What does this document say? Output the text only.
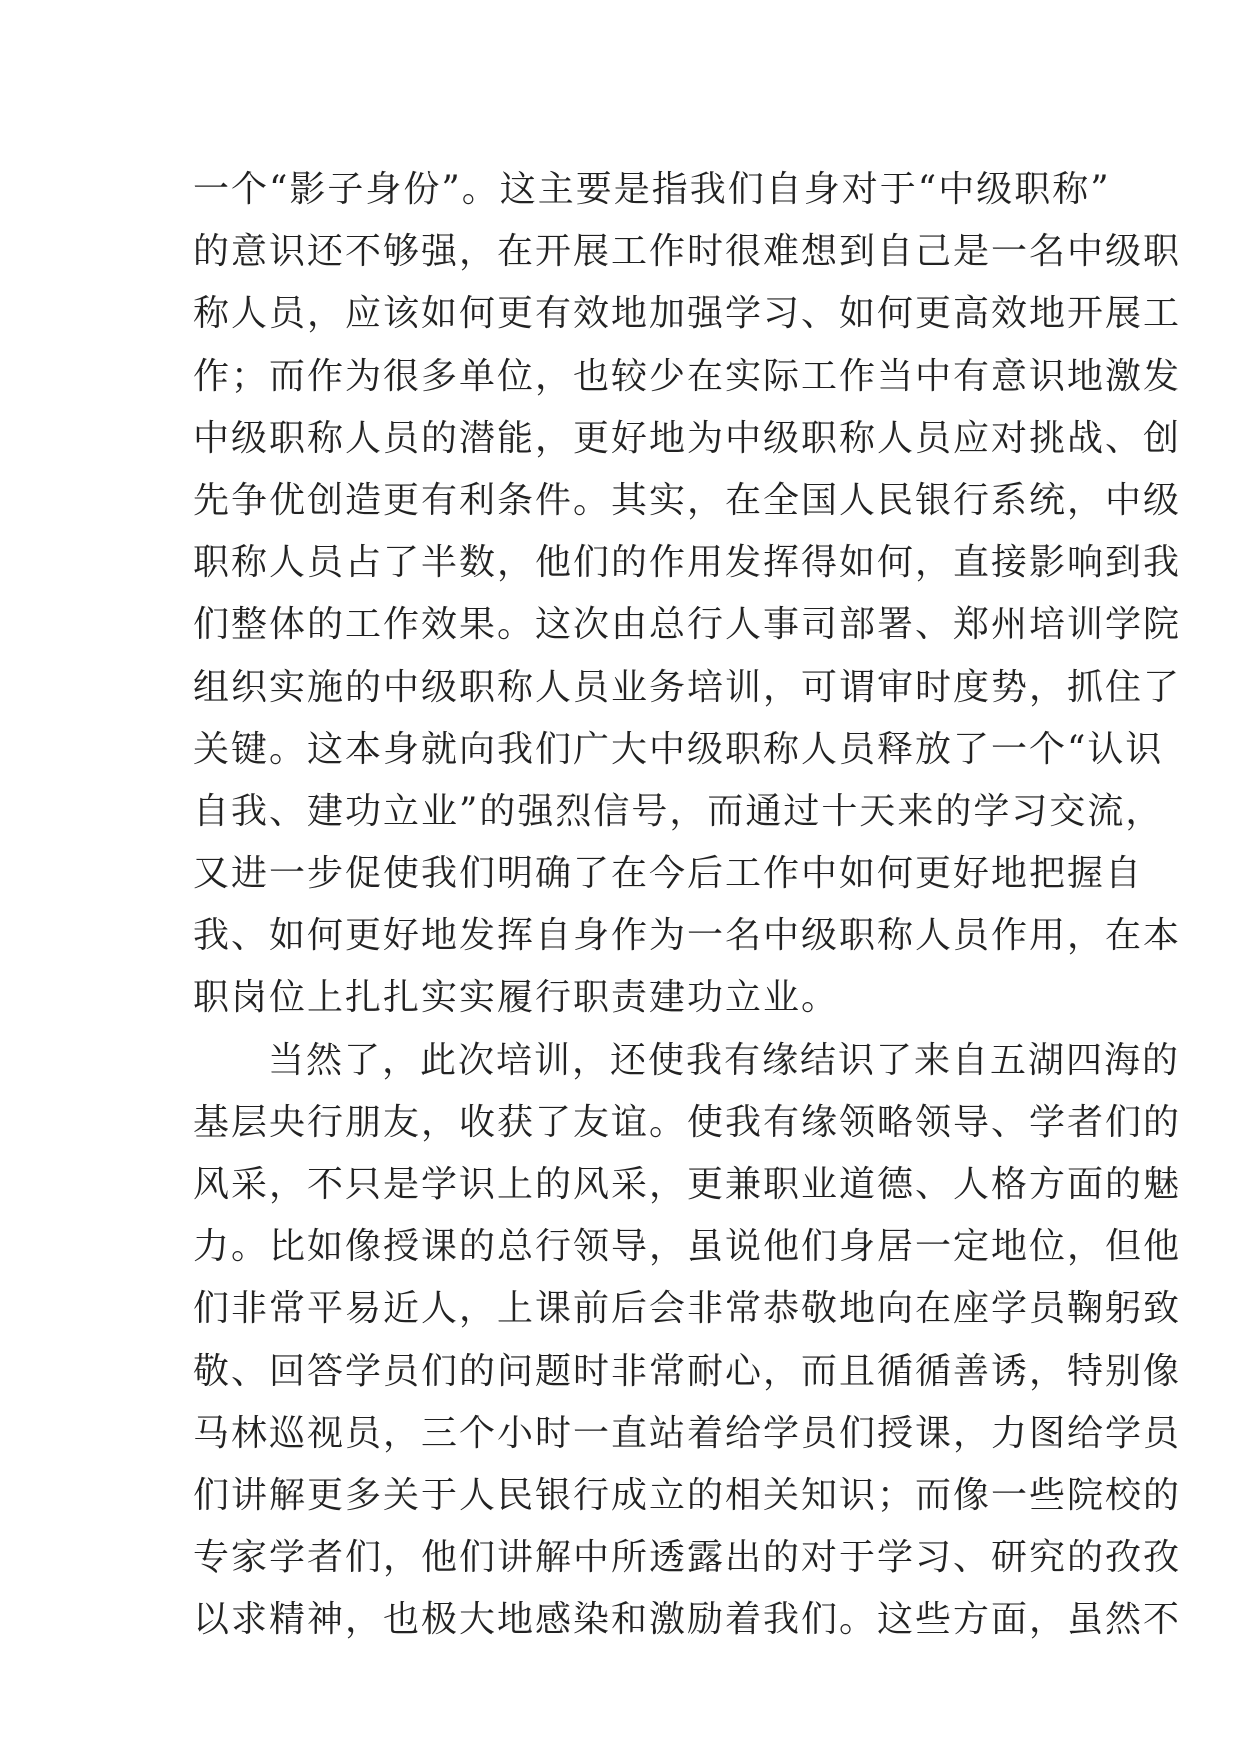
一个“影子身份”。这主要是指我们自身对于“中级职称”
的意识还不够强，在开展工作时很难想到自己是一名中级职
称人员，应该如何更有效地加强学习、如何更高效地开展工
作；而作为很多单位，也较少在实际工作当中有意识地激发
中级职称人员的潜能，更好地为中级职称人员应对挑战、创
先争优创造更有利条件。其实，在全国人民银行系统，中级
职称人员占了半数，他们的作用发挥得如何，直接影响到我
们整体的工作效果。这次由总行人事司部署、郑州培训学院
组织实施的中级职称人员业务培训，可谓审时度势，抓住了
关键。这本身就向我们广大中级职称人员释放了一个“认识
自我、建功立业”的强烈信号，而通过十天来的学习交流，
又进一步促使我们明确了在今后工作中如何更好地把握自
我、如何更好地发挥自身作为一名中级职称人员作用，在本
职岗位上扎扎实实履行职责建功立业。
当然了，此次培训，还使我有缘结识了来自五湖四海的
基层央行朋友，收获了友谊。使我有缘领略领导、学者们的
风采，不只是学识上的风采，更兼职业道德、人格方面的魅
力。比如像授课的总行领导，虽说他们身居一定地位，但他
们非常平易近人，上课前后会非常恭敬地向在座学员鞠躬致
敬、回答学员们的问题时非常耐心，而且循循善诱，特别像
马林巡视员，三个小时一直站着给学员们授课，力图给学员
们讲解更多关于人民银行成立的相关知识；而像一些院校的
专家学者们，他们讲解中所透露出的对于学习、研究的孜孜
以求精神，也极大地感染和激励着我们。这些方面，虽然不
